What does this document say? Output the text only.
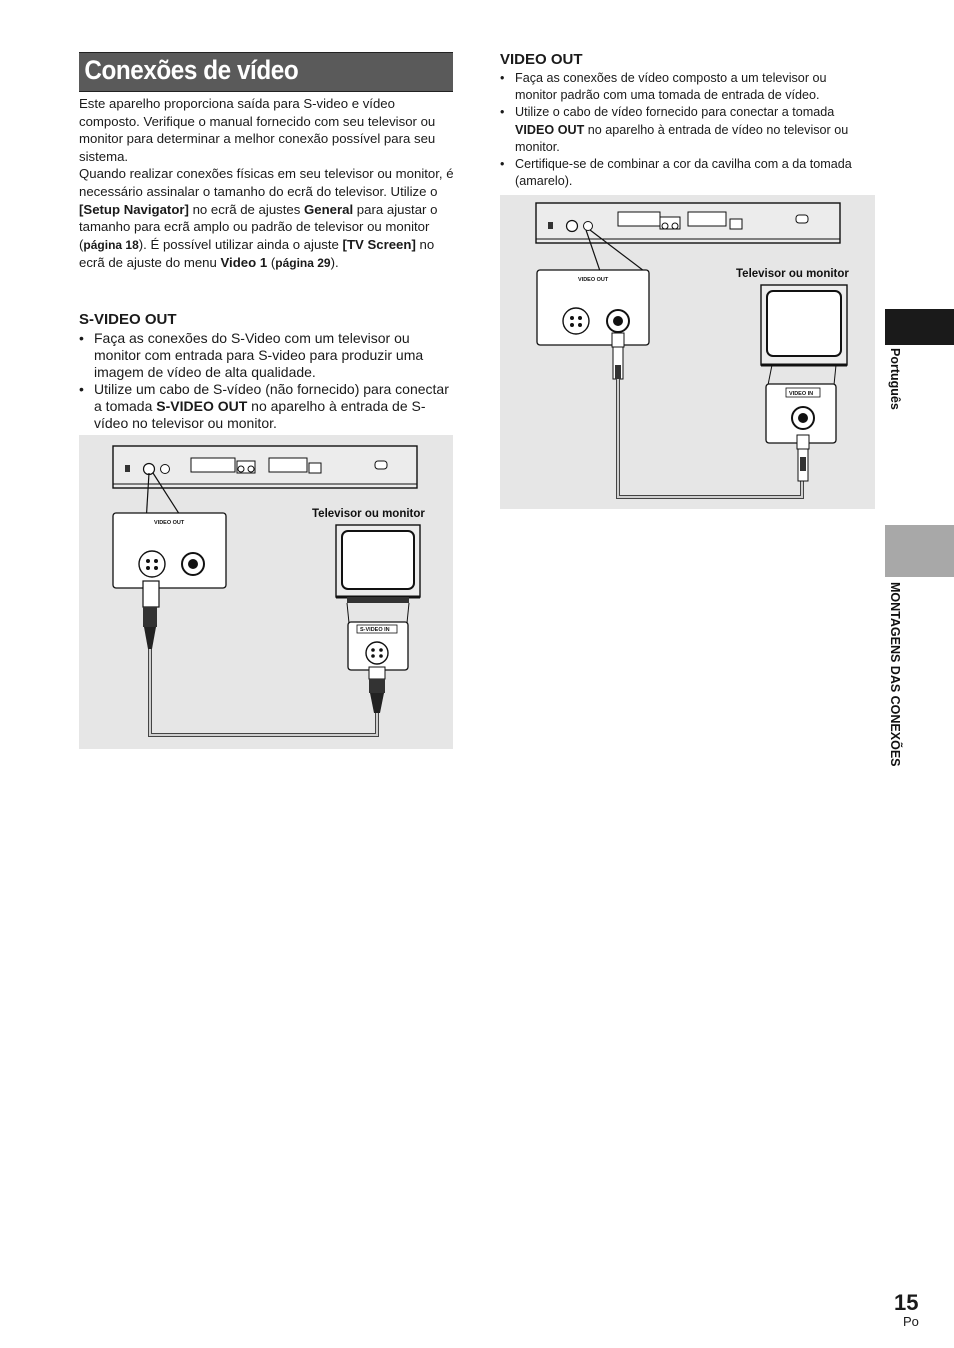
Conexões de vídeo

Este aparelho proporciona saída para S-video e vídeo composto. Verifique o manual fornecido com seu televisor ou monitor para determinar a melhor conexão possível para seu sistema.

Quando realizar conexões físicas em seu televisor ou monitor, é necessário assinalar o tamanho do ecrã do televisor. Utilize o [Setup Navigator] no ecrã de ajustes General para ajustar o tamanho para ecrã amplo ou padrão de televisor ou monitor (página 18). É possível utilizar ainda o ajuste [TV Screen] no ecrã de ajuste do menu Video 1 (página 29).

S-VIDEO OUT
• Faça as conexões do S-Video com um televisor ou monitor com entrada para S-video para produzir uma imagem de vídeo de alta qualidade.
• Utilize um cabo de S-vídeo (não fornecido) para conectar a tomada S-VIDEO OUT no aparelho à entrada de S-vídeo no televisor ou monitor.
VIDEO OUT
Televisor ou monitor
S-VIDEO IN
VIDEO OUT
• Faça as conexões de vídeo composto a um televisor ou monitor padrão com uma tomada de entrada de vídeo.
• Utilize o cabo de vídeo fornecido para conectar a tomada VIDEO OUT no aparelho à entrada de vídeo no televisor ou monitor.
• Certifique-se de combinar a cor da cavilha com a da tomada (amarelo).
VIDEO OUT	Televisor ou monitor
VIDEO IN	Português
MONTAGENS DAS CONEXÕES
15
Po
